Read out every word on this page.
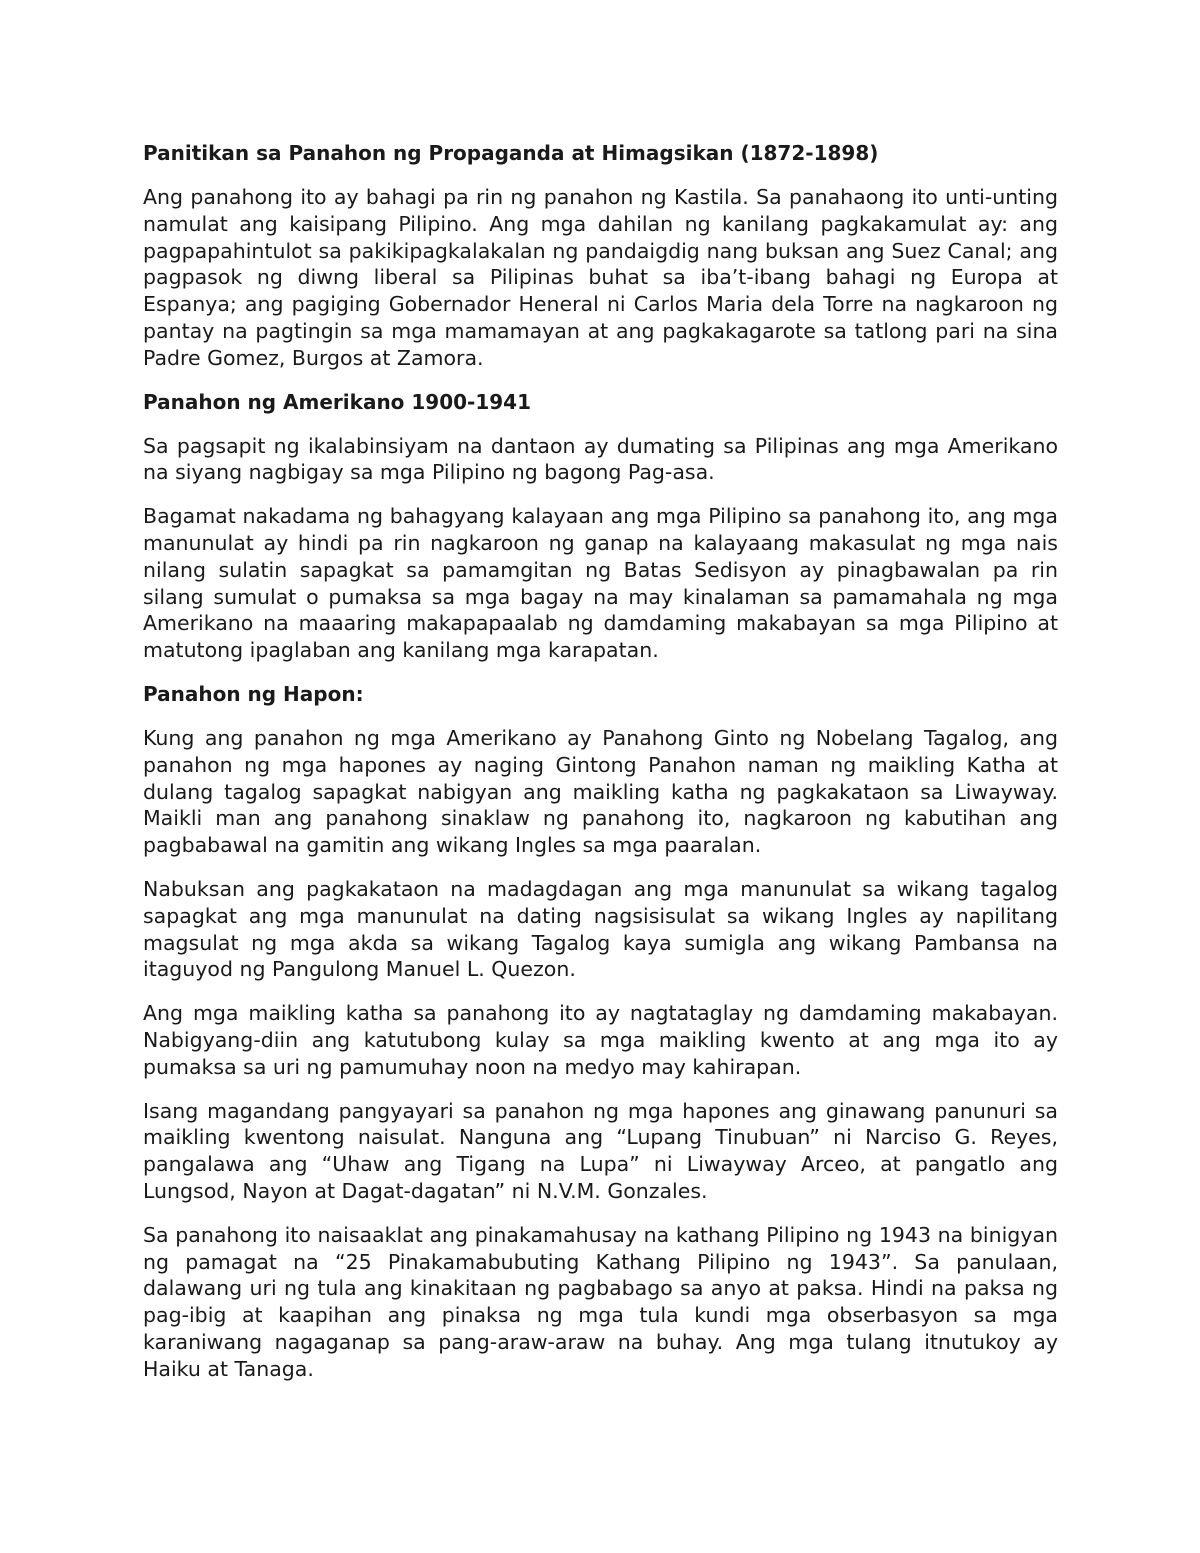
Panitikan sa Panahon ng Propaganda at Himagsikan (1872-1898)

Ang panahong ito ay bahagi pa rin ng panahon ng Kastila. Sa panahaong ito unti-unting namulat ang kaisipang Pilipino. Ang mga dahilan ng kanilang pagkakamulat ay: ang pagpapahintulot sa pakikipagkalakalan ng pandaigdig nang buksan ang Suez Canal; ang pagpasok ng diwng liberal sa Pilipinas buhat sa iba’t-ibang bahagi ng Europa at Espanya; ang pagiging Gobernador Heneral ni Carlos Maria dela Torre na nagkaroon ng pantay na pagtingin sa mga mamamayan at ang pagkakagarote sa tatlong pari na sina Padre Gomez, Burgos at Zamora.

Panahon ng Amerikano 1900-1941

Sa pagsapit ng ikalabinsiyam na dantaon ay dumating sa Pilipinas ang mga Amerikano na siyang nagbigay sa mga Pilipino ng bagong Pag-asa.

Bagamat nakadama ng bahagyang kalayaan ang mga Pilipino sa panahong ito, ang mga manunulat ay hindi pa rin nagkaroon ng ganap na kalayaang makasulat ng mga nais nilang sulatin sapagkat sa pamamgitan ng Batas Sedisyon ay pinagbawalan pa rin silang sumulat o pumaksa sa mga bagay na may kinalaman sa pamamahala ng mga Amerikano na maaaring makapapaalab ng damdaming makabayan sa mga Pilipino at matutong ipaglaban ang kanilang mga karapatan.

Panahon ng Hapon:

Kung ang panahon ng mga Amerikano ay Panahong Ginto ng Nobelang Tagalog, ang panahon ng mga hapones ay naging Gintong Panahon naman ng maikling Katha at dulang tagalog sapagkat nabigyan ang maikling katha ng pagkakataon sa Liwayway. Maikli man ang panahong sinaklaw ng panahong ito, nagkaroon ng kabutihan ang pagbabawal na gamitin ang wikang Ingles sa mga paaralan.

Nabuksan ang pagkakataon na madagdagan ang mga manunulat sa wikang tagalog sapagkat ang mga manunulat na dating nagsisisulat sa wikang Ingles ay napilitang magsulat ng mga akda sa wikang Tagalog kaya sumigla ang wikang Pambansa na itaguyod ng Pangulong Manuel L. Quezon.

Ang mga maikling katha sa panahong ito ay nagtataglay ng damdaming makabayan. Nabigyang-diin ang katutubong kulay sa mga maikling kwento at ang mga ito ay pumaksa sa uri ng pamumuhay noon na medyo may kahirapan.

Isang magandang pangyayari sa panahon ng mga hapones ang ginawang panunuri sa maikling kwentong naisulat. Nanguna ang “Lupang Tinubuan” ni Narciso G. Reyes, pangalawa ang “Uhaw ang Tigang na Lupa” ni Liwayway Arceo, at pangatlo ang Lungsod, Nayon at Dagat-dagatan” ni N.V.M. Gonzales.

Sa panahong ito naisaaklat ang pinakamahusay na kathang Pilipino ng 1943 na binigyan ng pamagat na “25 Pinakamabubuting Kathang Pilipino ng 1943”. Sa panulaan, dalawang uri ng tula ang kinakitaan ng pagbabago sa anyo at paksa. Hindi na paksa ng pag-ibig at kaapihan ang pinaksa ng mga tula kundi mga obserbasyon sa mga karaniwang nagaganap sa pang-araw-araw na buhay. Ang mga tulang itnutukoy ay Haiku at Tanaga.
